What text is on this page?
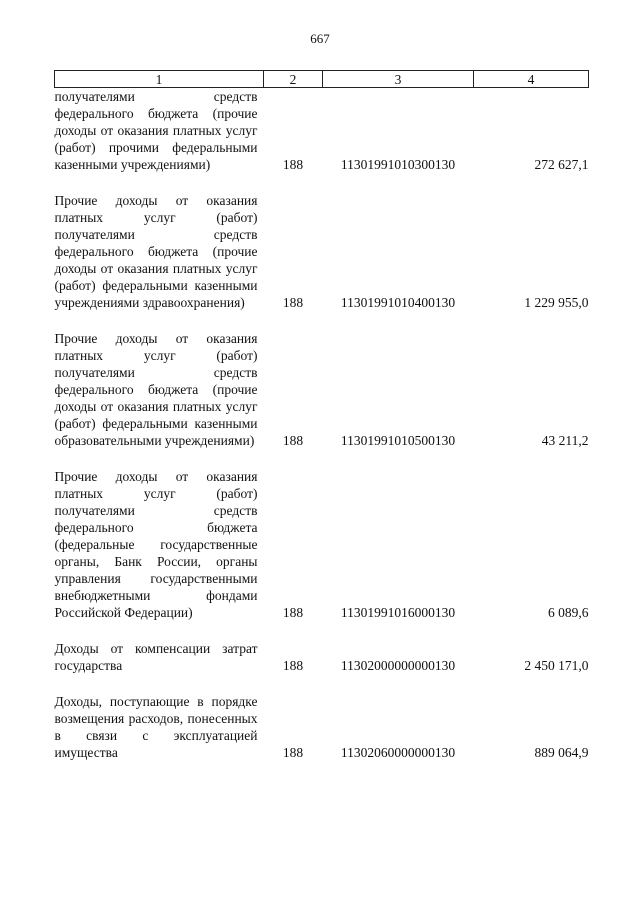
667
1	2	3	4
получателями средств федерального бюджета (прочие доходы от оказания платных услуг (работ) прочими федеральными казенными учреждениями)	188	11301991010300130	272 627,1

Прочие доходы от оказания платных услуг (работ) получателями средств федерального бюджета (прочие доходы от оказания платных услуг (работ) федеральными казенными учреждениями здравоохранения)	188	11301991010400130	1 229 955,0

Прочие доходы от оказания платных услуг (работ) получателями средств федерального бюджета (прочие доходы от оказания платных услуг (работ) федеральными казенными образовательными учреждениями)	188	11301991010500130	43 211,2

Прочие доходы от оказания платных услуг (работ) получателями средств федерального бюджета (федеральные государственные органы, Банк России, органы управления государственными внебюджетными фондами Российской Федерации)	188	11301991016000130	6 089,6

Доходы от компенсации затрат государства	188	11302000000000130	2 450 171,0

Доходы, поступающие в порядке возмещения расходов, понесенных в связи с эксплуатацией имущества	188	11302060000000130	889 064,9
